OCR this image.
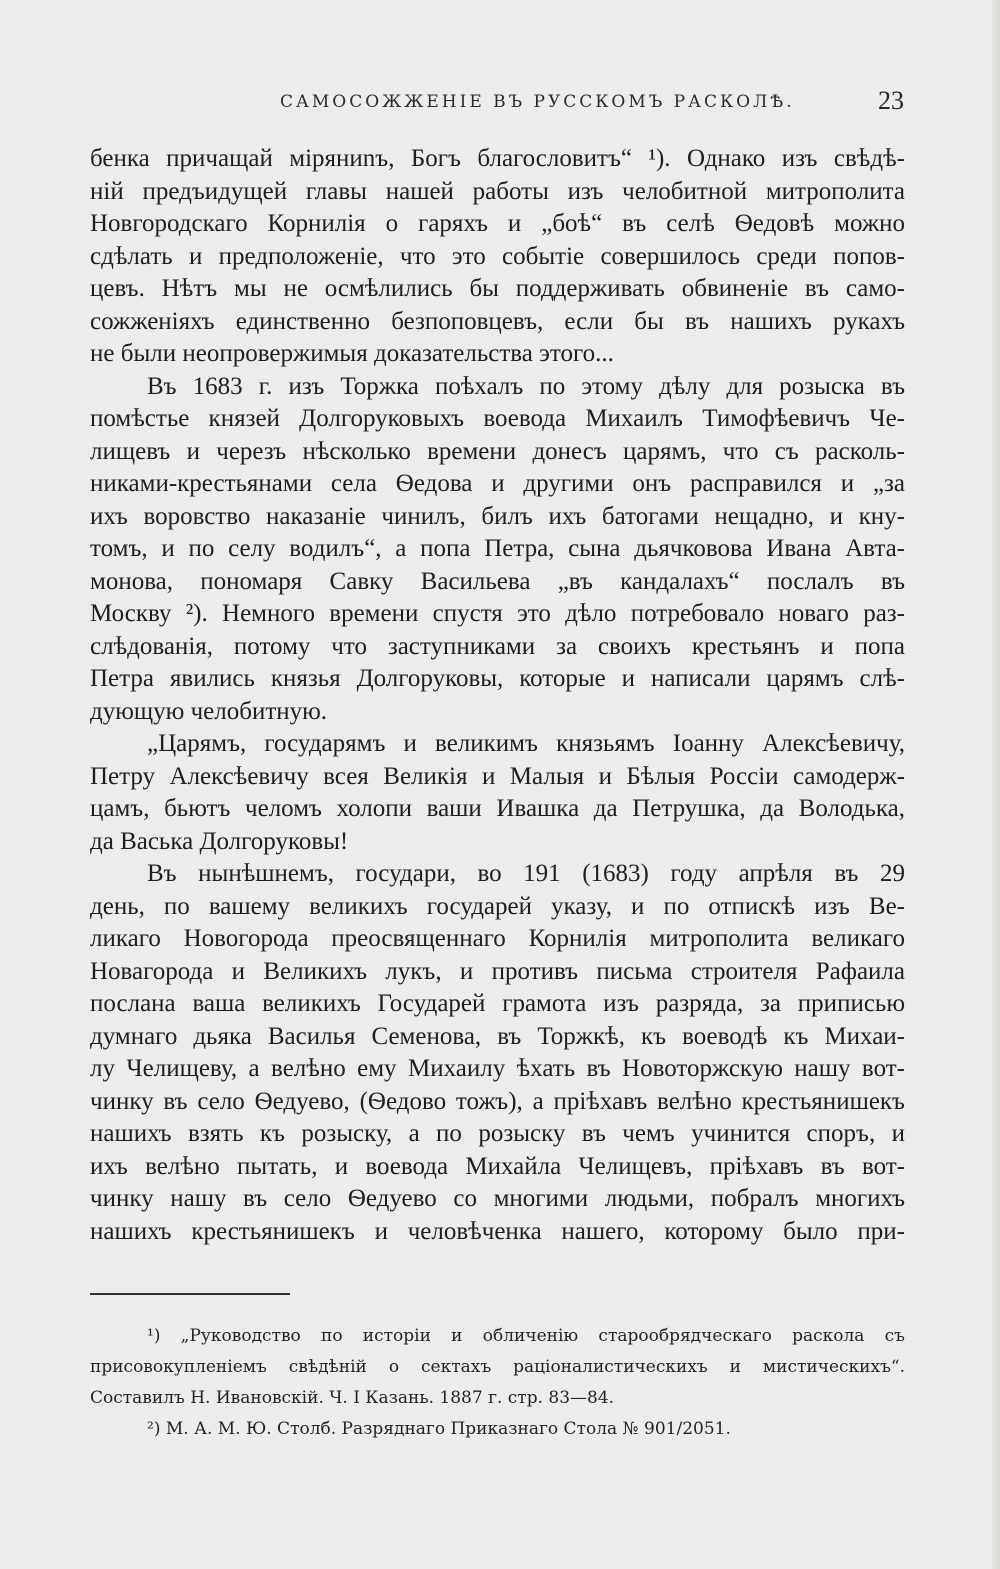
САМОСОЖЖЕНІЕ ВЪ РУССКОМЪ РАСКОЛѢ.	23
бенка причащай міряниnъ, Богъ благословитъ“ ¹). Однако изъ свѣдѣ-
ній предъидущей главы нашей работы изъ челобитной митрополита
Новгородскаго Корнилія о гаряхъ и „боѣ“ въ селѣ Ѳедовѣ можно
сдѣлать и предположеніе, что это событіе совершилось среди попов-
цевъ. Нѣтъ мы не осмѣлились бы поддерживать обвиненіе въ само-
сожженіяхъ единственно безпоповцевъ, если бы въ нашихъ рукахъ
не были неопровержимыя доказательства этого...
Въ 1683 г. изъ Торжка поѣхалъ по этому дѣлу для розыска въ
помѣстье князей Долгоруковыхъ воевода Михаилъ Тимофѣевичъ Че-
лищевъ и черезъ нѣсколько времени донесъ царямъ, что съ расколь-
никами-крестьянами села Ѳедова и другими онъ расправился и „за
ихъ воровство наказаніе чинилъ, билъ ихъ батогами нещадно, и кну-
томъ, и по селу водилъ“, а попа Петра, сына дьячковова Ивана Авта-
монова, пономаря Савку Васильева „въ кандалахъ“ послалъ въ
Москву ²). Немного времени спустя это дѣло потребовало новаго раз-
слѣдованія, потому что заступниками за своихъ крестьянъ и попа
Петра явились князья Долгоруковы, которые и написали царямъ слѣ-
дующую челобитную.
„Царямъ, государямъ и великимъ князьямъ Іоанну Алексѣевичу,
Петру Алексѣевичу всея Великія и Малыя и Бѣлыя Россіи самодерж-
цамъ, бьютъ челомъ холопи ваши Ивашка да Петрушка, да Володька,
да Васька Долгоруковы!
Въ нынѣшнемъ, государи, во 191 (1683) году апрѣля въ 29
день, по вашему великихъ государей указу, и по отпискѣ изъ Ве-
ликаго Новогорода преосвященнаго Корнилія митрополита великаго
Новагорода и Великихъ лукъ, и противъ письма строителя Рафаила
послана ваша великихъ Государей грамота изъ разряда, за приписью
думнаго дьяка Василья Семенова, въ Торжкѣ, къ воеводѣ къ Михаи-
лу Челищеву, а велѣно ему Михаилу ѣхать въ Новоторжскую нашу вот-
чинку въ село Ѳедуево, (Ѳедово тожъ), а пріѣхавъ велѣно крестьянишекъ
нашихъ взять къ розыску, а по розыску въ чемъ учинится споръ, и
ихъ велѣно пытать, и воевода Михайла Челищевъ, пріѣхавъ въ вот-
чинку нашу въ село Ѳедуево со многими людьми, побралъ многихъ
нашихъ крестьянишекъ и человѣченка нашего, которому было при-
¹) „Руководство по исторіи и обличенію старообрядческаго раскола съ
присовокупленіемъ свѣдѣній о сектахъ раціоналистическихъ и мистическихъ“.
Составилъ Н. Ивановскій. Ч. I Казань. 1887 г. стр. 83—84.
²) М. А. М. Ю. Столб. Разряднаго Приказнаго Стола № 901/2051.
